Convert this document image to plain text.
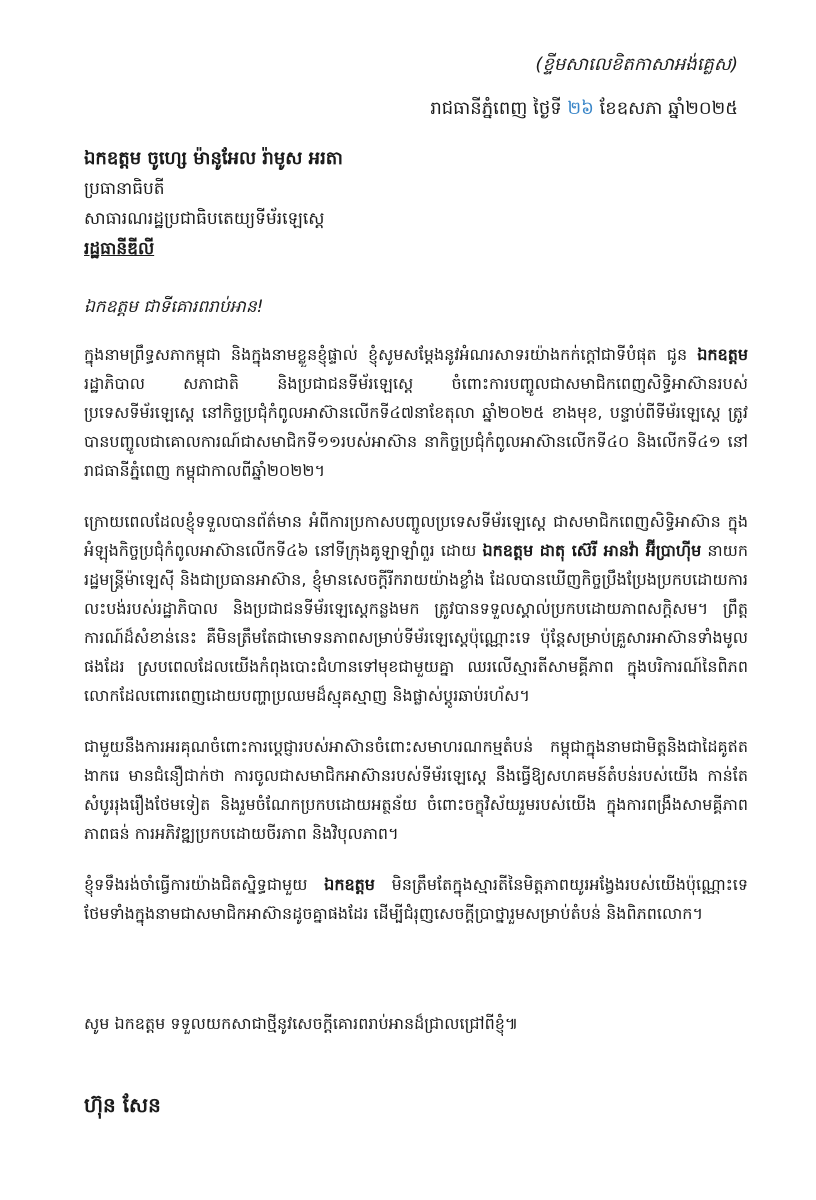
(ខ្ទីមសាលេខិតកាសាអង់គ្លេស)
រាជធានីភ្នំពេញ ថ្ងៃទី ២៦ ខែឧសភា ឆ្នាំ២០២៥
ឯកឧត្តម ចូហ្សេ ម៉ានូអែល រ៉ាមូស អរតា
ប្រធានាធិបតី
សាធារណរដ្ឋប្រជាធិបតេយ្យទីម័រឡេស្តេ
រដ្ឋធានីឌីលី
ឯកឧត្តម ជាទីគោរពរាប់អាន!

ក្នុងនាមព្រឹទ្ធសភាកម្ពុជា និងក្នុងនាមខ្លួនខ្ញុំផ្ទាល់ ខ្ញុំសូមសម្តែងនូវអំណរសាទរយ៉ាងកក់ក្តៅជាទីបំផុត ជូន ឯកឧត្តម រដ្ឋាភិបាល សភាជាតិ និងប្រជាជនទីម័រឡេស្តេ ចំពោះការបញ្ចូលជាសមាជិកពេញសិទ្ធិអាស៊ានរបស់ប្រទេសទីម័រឡេស្តេ នៅកិច្ចប្រជុំកំពូលអាស៊ានលើកទី៤៧នាខែតុលា ឆ្នាំ២០២៥ ខាងមុខ, បន្ទាប់ពីទីម័រឡេស្តេ ត្រូវបានបញ្ចូលជាគោលការណ៍ជាសមាជិកទី១១របស់អាស៊ាន នាកិច្ចប្រជុំកំពូលអាស៊ានលើកទី៤០ និងលើកទី៤១ នៅរាជធានីភ្នំពេញ កម្ពុជាកាលពីឆ្នាំ២០២២។

ក្រោយពេលដែលខ្ញុំទទួលបានព័ត៌មាន អំពីការប្រកាសបញ្ចូលប្រទេសទីម័រឡេស្តេ ជាសមាជិកពេញសិទ្ធិអាស៊ាន ក្នុងអំឡុងកិច្ចប្រជុំកំពូលអាស៊ានលើកទី៤៦ នៅទីក្រុងគូឡាឡាំពួរ ដោយ ឯកឧត្តម ដាតុ ស៊េរី អានវ៉ា អ៊ីប្រាហ៊ីម នាយករដ្ឋមន្ត្រីម៉ាឡេស៊ី និងជាប្រធានអាស៊ាន, ខ្ញុំមានសេចក្តីរីករាយយ៉ាងខ្លាំង ដែលបានឃើញកិច្ចប្រឹងប្រែងប្រកបដោយការលះបង់របស់រដ្ឋាភិបាល និងប្រជាជនទីម័រឡេស្តេកន្លងមក ត្រូវបានទទួលស្គាល់ប្រកបដោយភាពសក្តិសម។ ព្រឹត្តការណ៍ដ៏សំខាន់នេះ គឺមិនត្រឹមតែជាមោទនភាពសម្រាប់ទីម័រឡេស្តេប៉ុណ្ណោះទេ ប៉ុន្តែសម្រាប់គ្រួសារអាស៊ានទាំងមូលផងដែរ ស្របពេលដែលយើងកំពុងបោះជំហានទៅមុខជាមួយគ្នា ឈរលើស្មារតីសាមគ្គីភាព ក្នុងបរិការណ៍នៃពិភពលោកដែលពោរពេញដោយបញ្ហាប្រឈមដ៏ស្មុគស្មាញ និងផ្លាស់ប្តូរឆាប់រហ័ស។

ជាមួយនឹងការអរគុណចំពោះការប្តេជ្ញារបស់អាស៊ានចំពោះសមាហរណកម្មតំបន់ កម្ពុជាក្នុងនាមជាមិត្តនិងជាដៃគូឥតងាករេ មានជំនឿជាក់ថា ការចូលជាសមាជិកអាស៊ានរបស់ទីម័រឡេស្តេ នឹងធ្វើឱ្យសហគមន៍តំបន់របស់យើង កាន់តែសំបូររុងរឿងថែមទៀត និងរួមចំណែកប្រកបដោយអត្ថន័យ ចំពោះចក្ខុវិស័យរួមរបស់យើង ក្នុងការពង្រឹងសាមគ្គីភាព ភាពធន់ ការអភិវឌ្ឍប្រកបដោយចីរភាព និងវិបុលភាព។

ខ្ញុំទទឹងរង់ចាំធ្វើការយ៉ាងជិតស្និទ្ធជាមួយ ឯកឧត្តម មិនត្រឹមតែក្នុងស្មារតីនៃមិត្តភាពយូរអង្វែងរបស់យើងប៉ុណ្ណោះទេ ថែមទាំងក្នុងនាមជាសមាជិកអាស៊ានដូចគ្នាផងដែរ ដើម្បីជំរុញសេចក្តីប្រាថ្នារួមសម្រាប់តំបន់ និងពិភពលោក។

សូម ឯកឧត្តម ទទួលយកសាជាថ្មីនូវសេចក្តីគោរពរាប់អានដ៏ជ្រាលជ្រៅពីខ្ញុំ៕
ហ៊ុន សែន
